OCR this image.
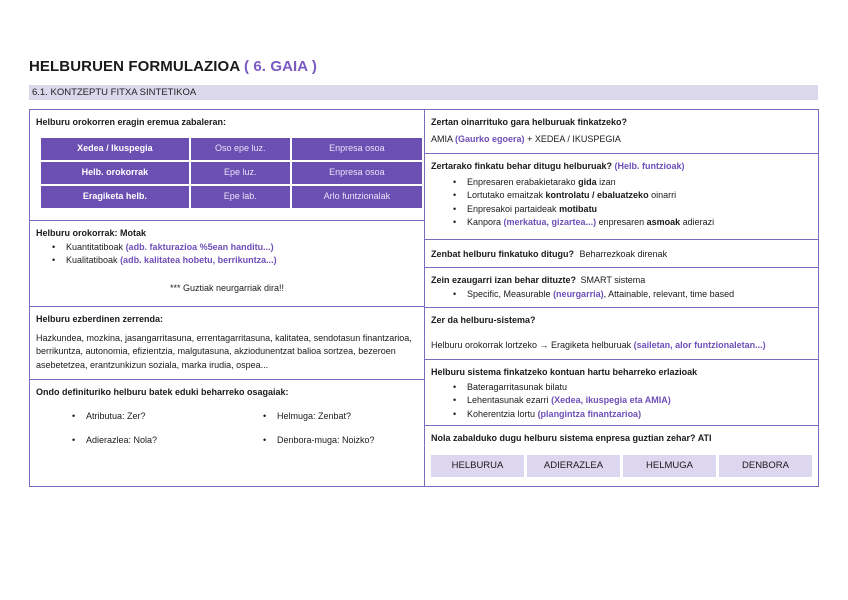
HELBURUEN FORMULAZIOA ( 6. GAIA )
6.1. KONTZEPTU FITXA SINTETIKOA
Helburu orokorren eragin eremua zabaleran:
Xedea / Ikuspegia	Oso epe luz.	Enpresa osoa
Helb. orokorrak	Epe luz.	Enpresa osoa
Eragiketa helb.	Epe lab.	Arlo funtzionalak
Helburu orokorrak: Motak
• Kuantitatiboak (adb. fakturazioa %5ean handitu...)
• Kualitatiboak (adb. kalitatea hobetu, berrikuntza...)
*** Guztiak neurgarriak dira!!
Helburu ezberdinen zerrenda:
Hazkundea, mozkina, jasangarritasuna, errentagarritasuna, kalitatea, sendotasun finantzarioa, berrikuntza, autonomia, efizientzia, malgutasuna, akziodunentzat balioa sortzea, bezeroen asebetetzea, erantzunkizun soziala, marka irudia, ospea...
Ondo definituriko helburu batek eduki beharreko osagaiak:
• Atributua: Zer?
• Adierazlea: Nola?
• Helmuga: Zenbat?
• Denbora-muga: Noizko?
Zertan oinarrituko gara helburuak finkatzeko?
AMIA (Gaurko egoera) + XEDEA / IKUSPEGIA
Zertarako finkatu behar ditugu helburuak? (Helb. funtzioak)
• Enpresaren erabakietarako gida izan
• Lortutako emaitzak kontrolatu / ebaluatzeko oinarri
• Enpresakoi partaideak motibatu
• Kanpora (merkatua, gizartea...) enpresaren asmoak adierazi
Zenbat helburu finkatuko ditugu? Beharrezkoak direnak
Zein ezaugarri izan behar dituzte? SMART sistema
• Specific, Measurable (neurgarria), Attainable, relevant, time based
Zer da helburu-sistema?
Helburu orokorrak lortzeko → Eragiketa helburuak (sailetan, alor funtzionaletan...)
Helburu sistema finkatzeko kontuan hartu beharreko erlazioak
• Bateragarritasunak bilatu
• Lehentasunak ezarri (Xedea, ikuspegia eta AMIA)
• Koherentzia lortu (plangintza finantzarioa)
Nola zabalduko dugu helburu sistema enpresa guztian zehar? ATI
HELBURUA	ADIERAZLEA	HELMUGA	DENBORA
